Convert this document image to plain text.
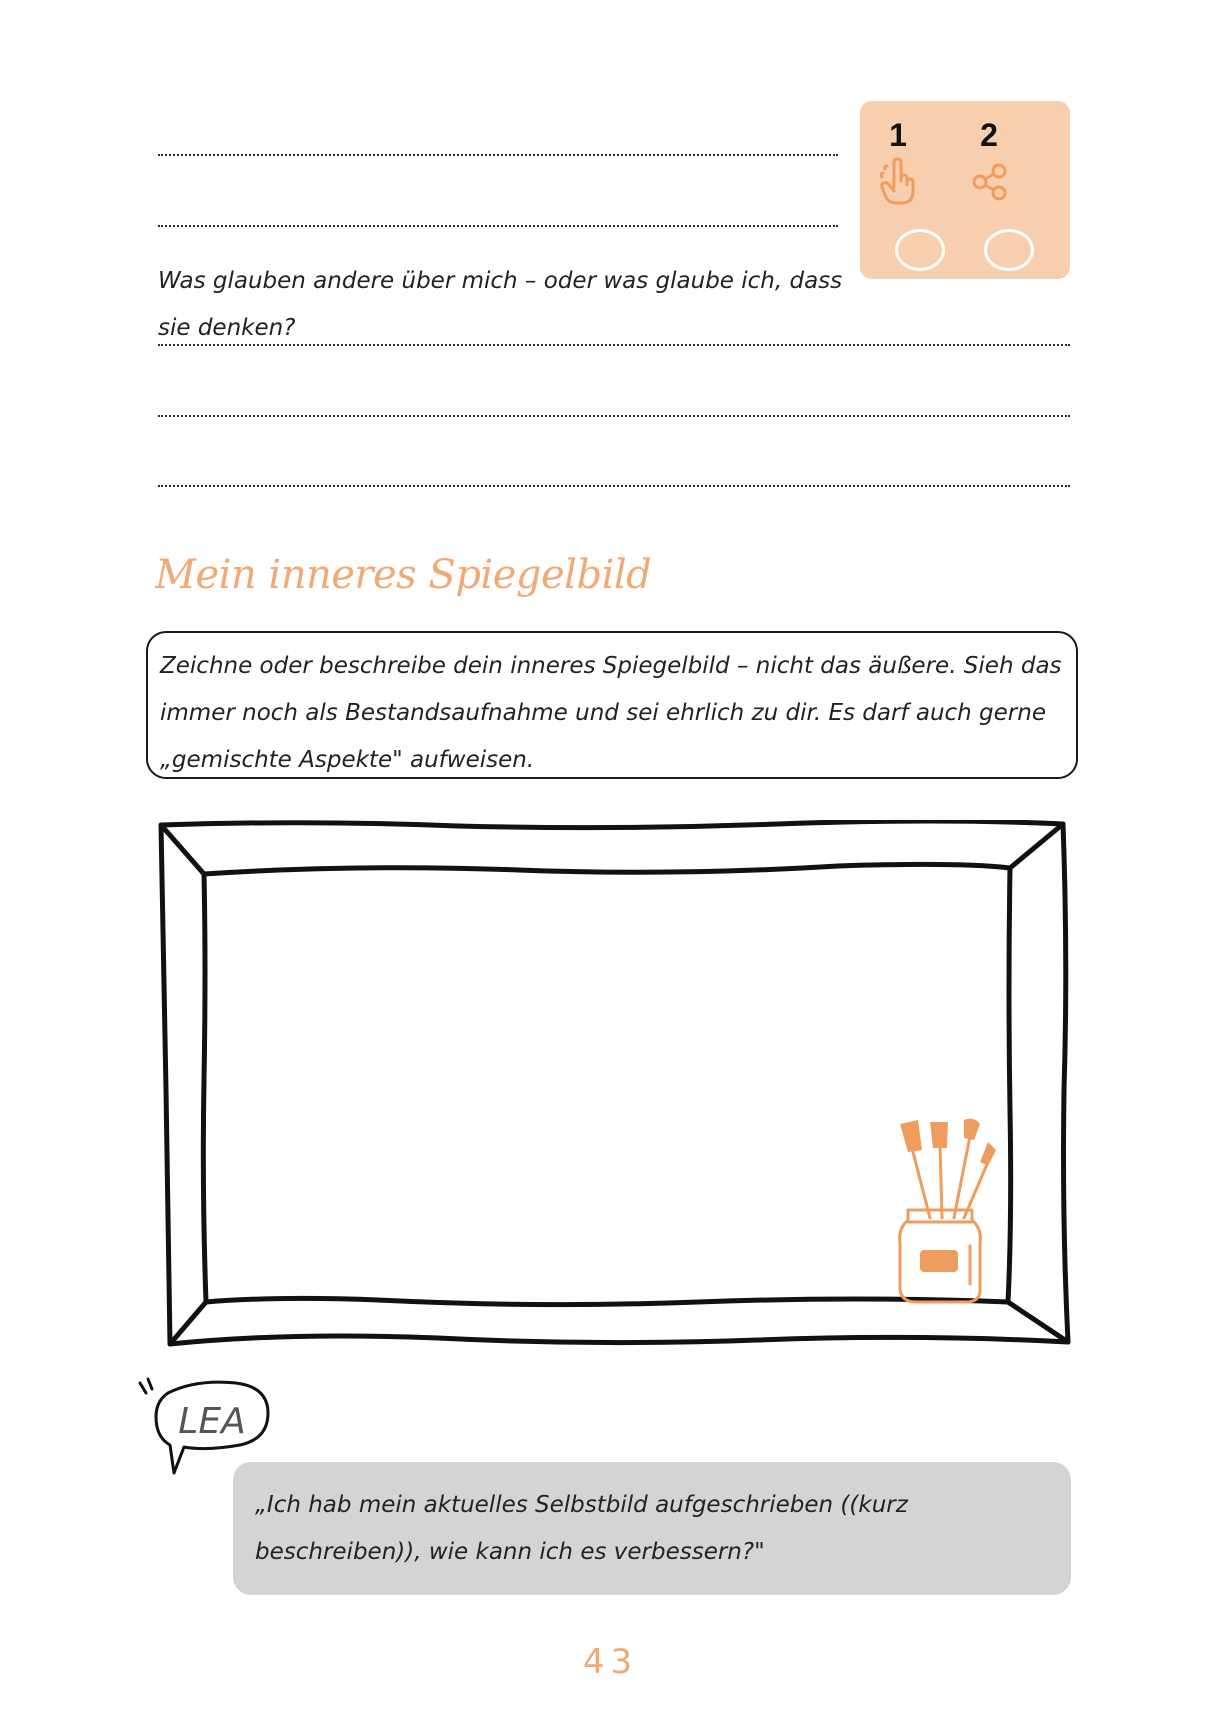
1	2
Was glauben andere über mich – oder was glaube ich, dass sie denken?
Mein inneres Spiegelbild
Zeichne oder beschreibe dein inneres Spiegelbild – nicht das äußere. Sieh das immer noch als Bestandsaufnahme und sei ehrlich zu dir. Es darf auch gerne „gemischte Aspekte" aufweisen.
LEA
„Ich hab mein aktuelles Selbstbild aufgeschrieben ((kurz beschreiben)), wie kann ich es verbessern?"
43
